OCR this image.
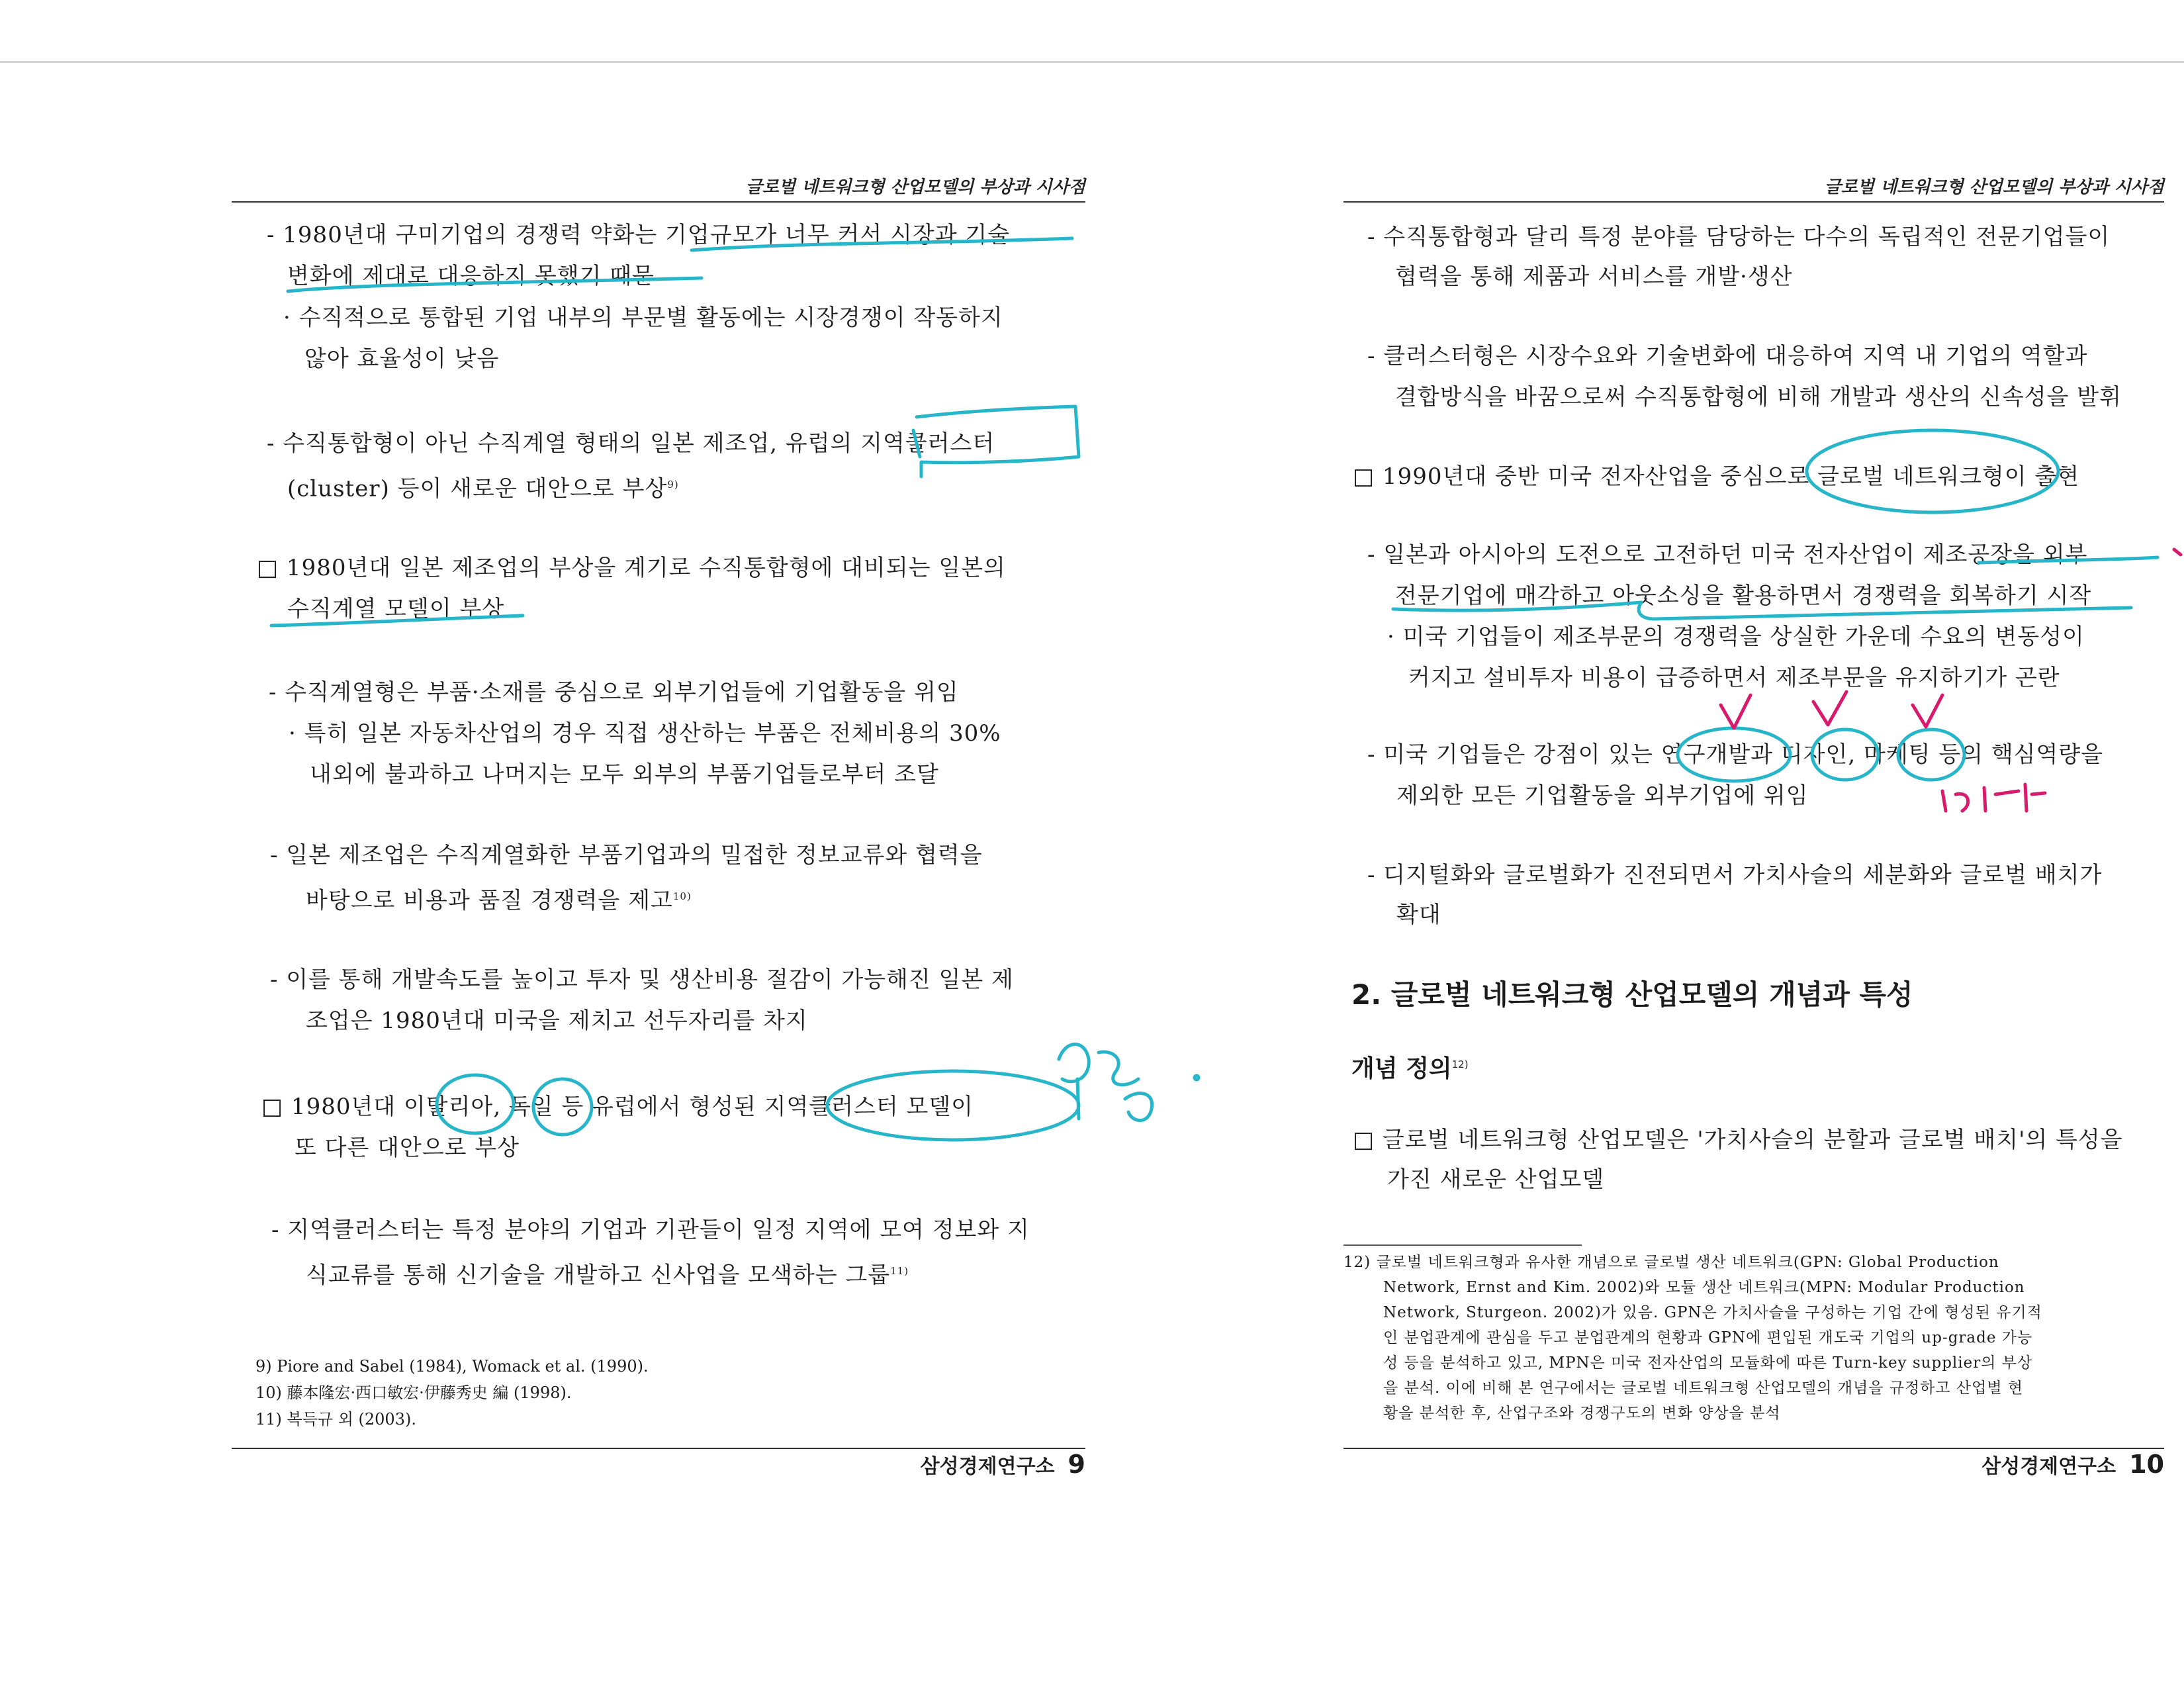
글로벌 네트워크형 산업모델의 부상과 시사점
- 1980년대 구미기업의 경쟁력 약화는 기업규모가 너무 커서 시장과 기술
변화에 제대로 대응하지 못했기 때문
· 수직적으로 통합된 기업 내부의 부문별 활동에는 시장경쟁이 작동하지
않아 효율성이 낮음
- 수직통합형이 아닌 수직계열 형태의 일본 제조업, 유럽의 지역클러스터
(cluster) 등이 새로운 대안으로 부상$^{9)}$
□ 1980년대 일본 제조업의 부상을 계기로 수직통합형에 대비되는 일본의
수직계열 모델이 부상
- 수직계열형은 부품·소재를 중심으로 외부기업들에 기업활동을 위임
· 특히 일본 자동차산업의 경우 직접 생산하는 부품은 전체비용의 30%
내외에 불과하고 나머지는 모두 외부의 부품기업들로부터 조달
- 일본 제조업은 수직계열화한 부품기업과의 밀접한 정보교류와 협력을
바탕으로 비용과 품질 경쟁력을 제고$^{10)}$
- 이를 통해 개발속도를 높이고 투자 및 생산비용 절감이 가능해진 일본 제
조업은 1980년대 미국을 제치고 선두자리를 차지
□ 1980년대 이탈리아, 독일 등 유럽에서 형성된 지역클러스터 모델이
또 다른 대안으로 부상
- 지역클러스터는 특정 분야의 기업과 기관들이 일정 지역에 모여 정보와 지
식교류를 통해 신기술을 개발하고 신사업을 모색하는 그룹$^{11)}$
9) Piore and Sabel (1984), Womack et al. (1990).
10) 藤本隆宏·西口敏宏·伊藤秀史 編 (1998).
11) 복득규 외 (2003).
삼성경제연구소 9
글로벌 네트워크형 산업모델의 부상과 시사점
- 수직통합형과 달리 특정 분야를 담당하는 다수의 독립적인 전문기업들이
협력을 통해 제품과 서비스를 개발·생산
- 클러스터형은 시장수요와 기술변화에 대응하여 지역 내 기업의 역할과
결합방식을 바꿈으로써 수직통합형에 비해 개발과 생산의 신속성을 발휘
□ 1990년대 중반 미국 전자산업을 중심으로 글로벌 네트워크형이 출현
- 일본과 아시아의 도전으로 고전하던 미국 전자산업이 제조공장을 외부
전문기업에 매각하고 아웃소싱을 활용하면서 경쟁력을 회복하기 시작
· 미국 기업들이 제조부문의 경쟁력을 상실한 가운데 수요의 변동성이
커지고 설비투자 비용이 급증하면서 제조부문을 유지하기가 곤란
- 미국 기업들은 강점이 있는 연구개발과 디자인, 마케팅 등의 핵심역량을
제외한 모든 기업활동을 외부기업에 위임
- 디지털화와 글로벌화가 진전되면서 가치사슬의 세분화와 글로벌 배치가
확대
2. 글로벌 네트워크형 산업모델의 개념과 특성
개념 정의$^{12)}$
□ 글로벌 네트워크형 산업모델은 '가치사슬의 분할과 글로벌 배치'의 특성을
가진 새로운 산업모델
12) 글로벌 네트워크형과 유사한 개념으로 글로벌 생산 네트워크(GPN: Global Production
Network, Ernst and Kim. 2002)와 모듈 생산 네트워크(MPN: Modular Production
Network, Sturgeon. 2002)가 있음. GPN은 가치사슬을 구성하는 기업 간에 형성된 유기적
인 분업관계에 관심을 두고 분업관계의 현황과 GPN에 편입된 개도국 기업의 up-grade 가능
성 등을 분석하고 있고, MPN은 미국 전자산업의 모듈화에 따른 Turn-key supplier의 부상
을 분석. 이에 비해 본 연구에서는 글로벌 네트워크형 산업모델의 개념을 규정하고 산업별 현
황을 분석한 후, 산업구조와 경쟁구도의 변화 양상을 분석
삼성경제연구소 10
